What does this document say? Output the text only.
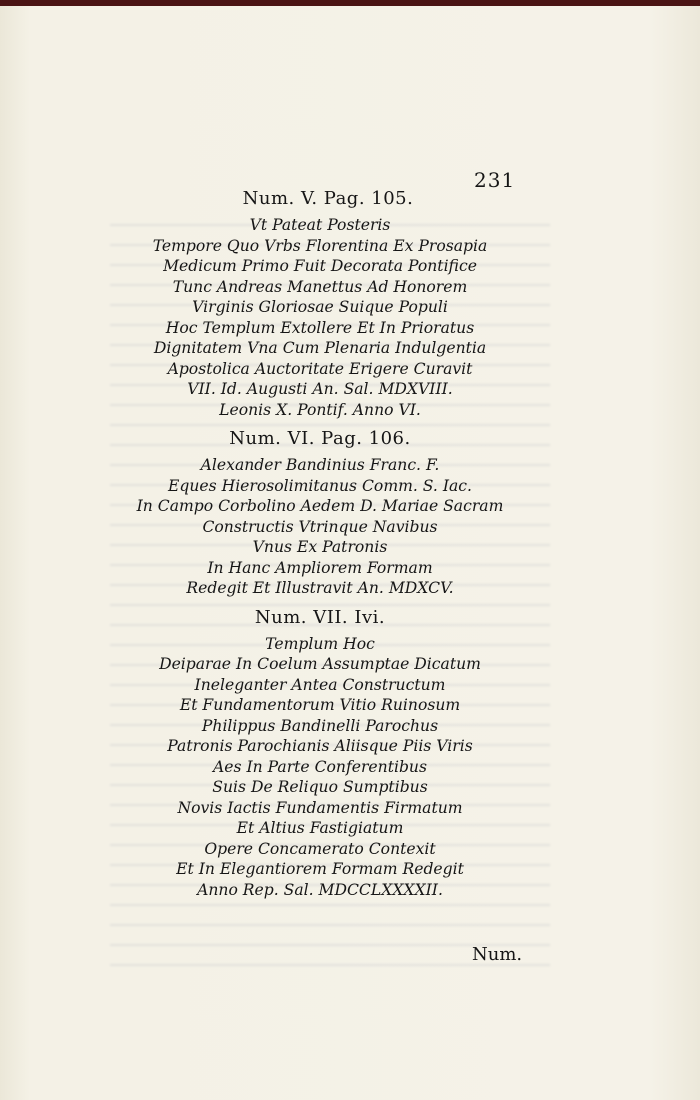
231
Num. V. Pag. 105.

Vt Pateat Posteris

Tempore Quo Vrbs Florentina Ex Prosapia

Medicum Primo Fuit Decorata Pontifice

Tunc Andreas Manettus Ad Honorem

Virginis Gloriosae Suique Populi

Hoc Templum Extollere Et In Prioratus

Dignitatem Vna Cum Plenaria Indulgentia

Apostolica Auctoritate Erigere Curavit

VII. Id. Augusti An. Sal. MDXVIII.

Leonis X. Pontif. Anno VI.

Num. VI. Pag. 106.

Alexander Bandinius Franc. F.

Eques Hierosolimitanus Comm. S. Iac.

In Campo Corbolino Aedem D. Mariae Sacram

Constructis Vtrinque Navibus

Vnus Ex Patronis

In Hanc Ampliorem Formam

Redegit Et Illustravit An. MDXCV.

Num. VII. Ivi.

Templum Hoc

Deiparae In Coelum Assumptae Dicatum

Ineleganter Antea Constructum

Et Fundamentorum Vitio Ruinosum

Philippus Bandinelli Parochus

Patronis Parochianis Aliisque Piis Viris

Aes In Parte Conferentibus

Suis De Reliquo Sumptibus

Novis Iactis Fundamentis Firmatum

Et Altius Fastigiatum

Opere Concamerato Contexit

Et In Elegantiorem Formam Redegit

Anno Rep. Sal. MDCCLXXXXII.

Num.
